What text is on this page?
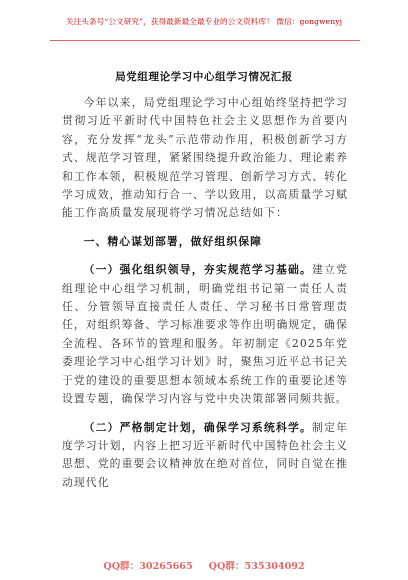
关注头条号“公文研究”，获得最新最全最专业的公文资料库！ 微信：gongwenyj
局党组理论学习中心组学习情况汇报

今年以来，局党组理论学习中心组始终坚持把学习贯彻习近平新时代中国特色社会主义思想作为首要内容，充分发挥“龙头”示范带动作用，积极创新学习方式、规范学习管理，紧紧围绕提升政治能力、理论素养和工作本领，积极规范学习管理、创新学习方式、转化学习成效，推动知行合一、学以致用，以高质量学习赋能工作高质量发展现将学习情况总结如下：

一、精心谋划部署，做好组织保障

（一）强化组织领导，夯实规范学习基础。建立党组理论中心组学习机制，明确党组书记第一责任人责任、分管领导直接责任人责任、学习秘书日常管理责任，对组织筹备、学习标准要求等作出明确规定，确保全流程、各环节的管理和服务。年初制定《2025年党委理论学习中心组学习计划》时，聚焦习近平总书记关于党的建设的重要思想本领域本系统工作的重要论述等设置专题，确保学习内容与党中央决策部署同频共振。

（二）严格制定计划，确保学习系统科学。制定年度学习计划，内容上把习近平新时代中国特色社会主义思想、党的重要会议精神放在绝对首位，同时自觉在推动现代化

QQ群：30265665 QQ群：535304092
